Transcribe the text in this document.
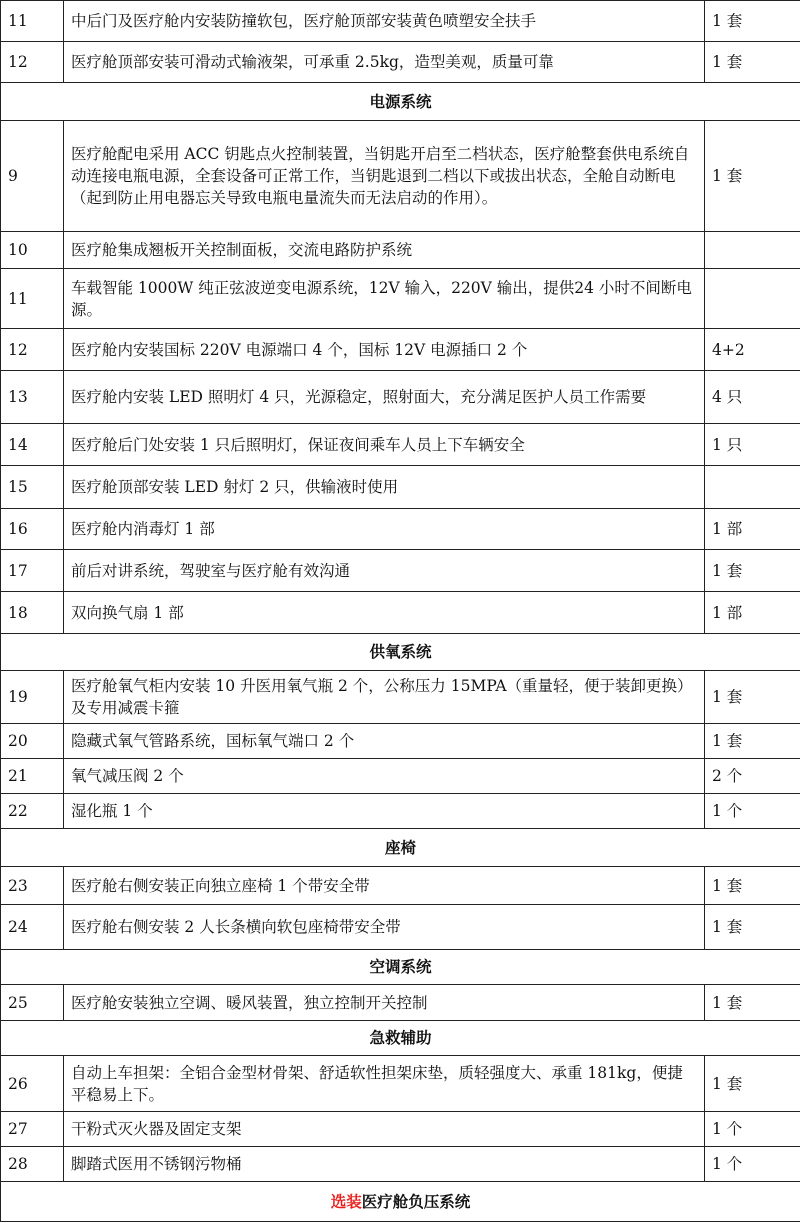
11	中后门及医疗舱内安装防撞软包，医疗舱顶部安装黄色喷塑安全扶手	1 套
12	医疗舱顶部安装可滑动式输液架，可承重 2.5kg，造型美观，质量可靠	1 套
电源系统		
9	医疗舱配电采用 ACC 钥匙点火控制装置，当钥匙开启至二档状态，医疗舱整套供电系统自动连接电瓶电源，全套设备可正常工作，当钥匙退到二档以下或拔出状态，全舱自动断电（起到防止用电器忘关导致电瓶电量流失而无法启动的作用）。	1 套
10	医疗舱集成翘板开关控制面板，交流电路防护系统	
11	车载智能 1000W 纯正弦波逆变电源系统，12V 输入，220V 输出，提供24 小时不间断电源。	
12	医疗舱内安装国标 220V 电源端口 4 个，国标 12V 电源插口 2 个	4+2
13	医疗舱内安装 LED 照明灯 4 只，光源稳定，照射面大，充分满足医护人员工作需要	4 只
14	医疗舱后门处安装 1 只后照明灯，保证夜间乘车人员上下车辆安全	1 只
15	医疗舱顶部安装 LED 射灯 2 只，供输液时使用	
16	医疗舱内消毒灯 1 部	1 部
17	前后对讲系统，驾驶室与医疗舱有效沟通	1 套
18	双向换气扇 1 部	1 部
供氧系统		
19	医疗舱氧气柜内安装 10 升医用氧气瓶 2 个，公称压力 15MPA（重量轻，便于装卸更换）及专用减震卡箍	1 套
20	隐藏式氧气管路系统，国标氧气端口 2 个	1 套
21	氧气减压阀 2 个	2 个
22	湿化瓶 1 个	1 个
座椅		
23	医疗舱右侧安装正向独立座椅 1 个带安全带	1 套
24	医疗舱右侧安装 2 人长条横向软包座椅带安全带	1 套
空调系统		
25	医疗舱安装独立空调、暖风装置，独立控制开关控制	1 套
急救辅助		
26	自动上车担架：全铝合金型材骨架、舒适软性担架床垫，质轻强度大、承重 181kg，便捷平稳易上下。	1 套
27	干粉式灭火器及固定支架	1 个
28	脚踏式医用不锈钢污物桶	1 个
选装医疗舱负压系统		
